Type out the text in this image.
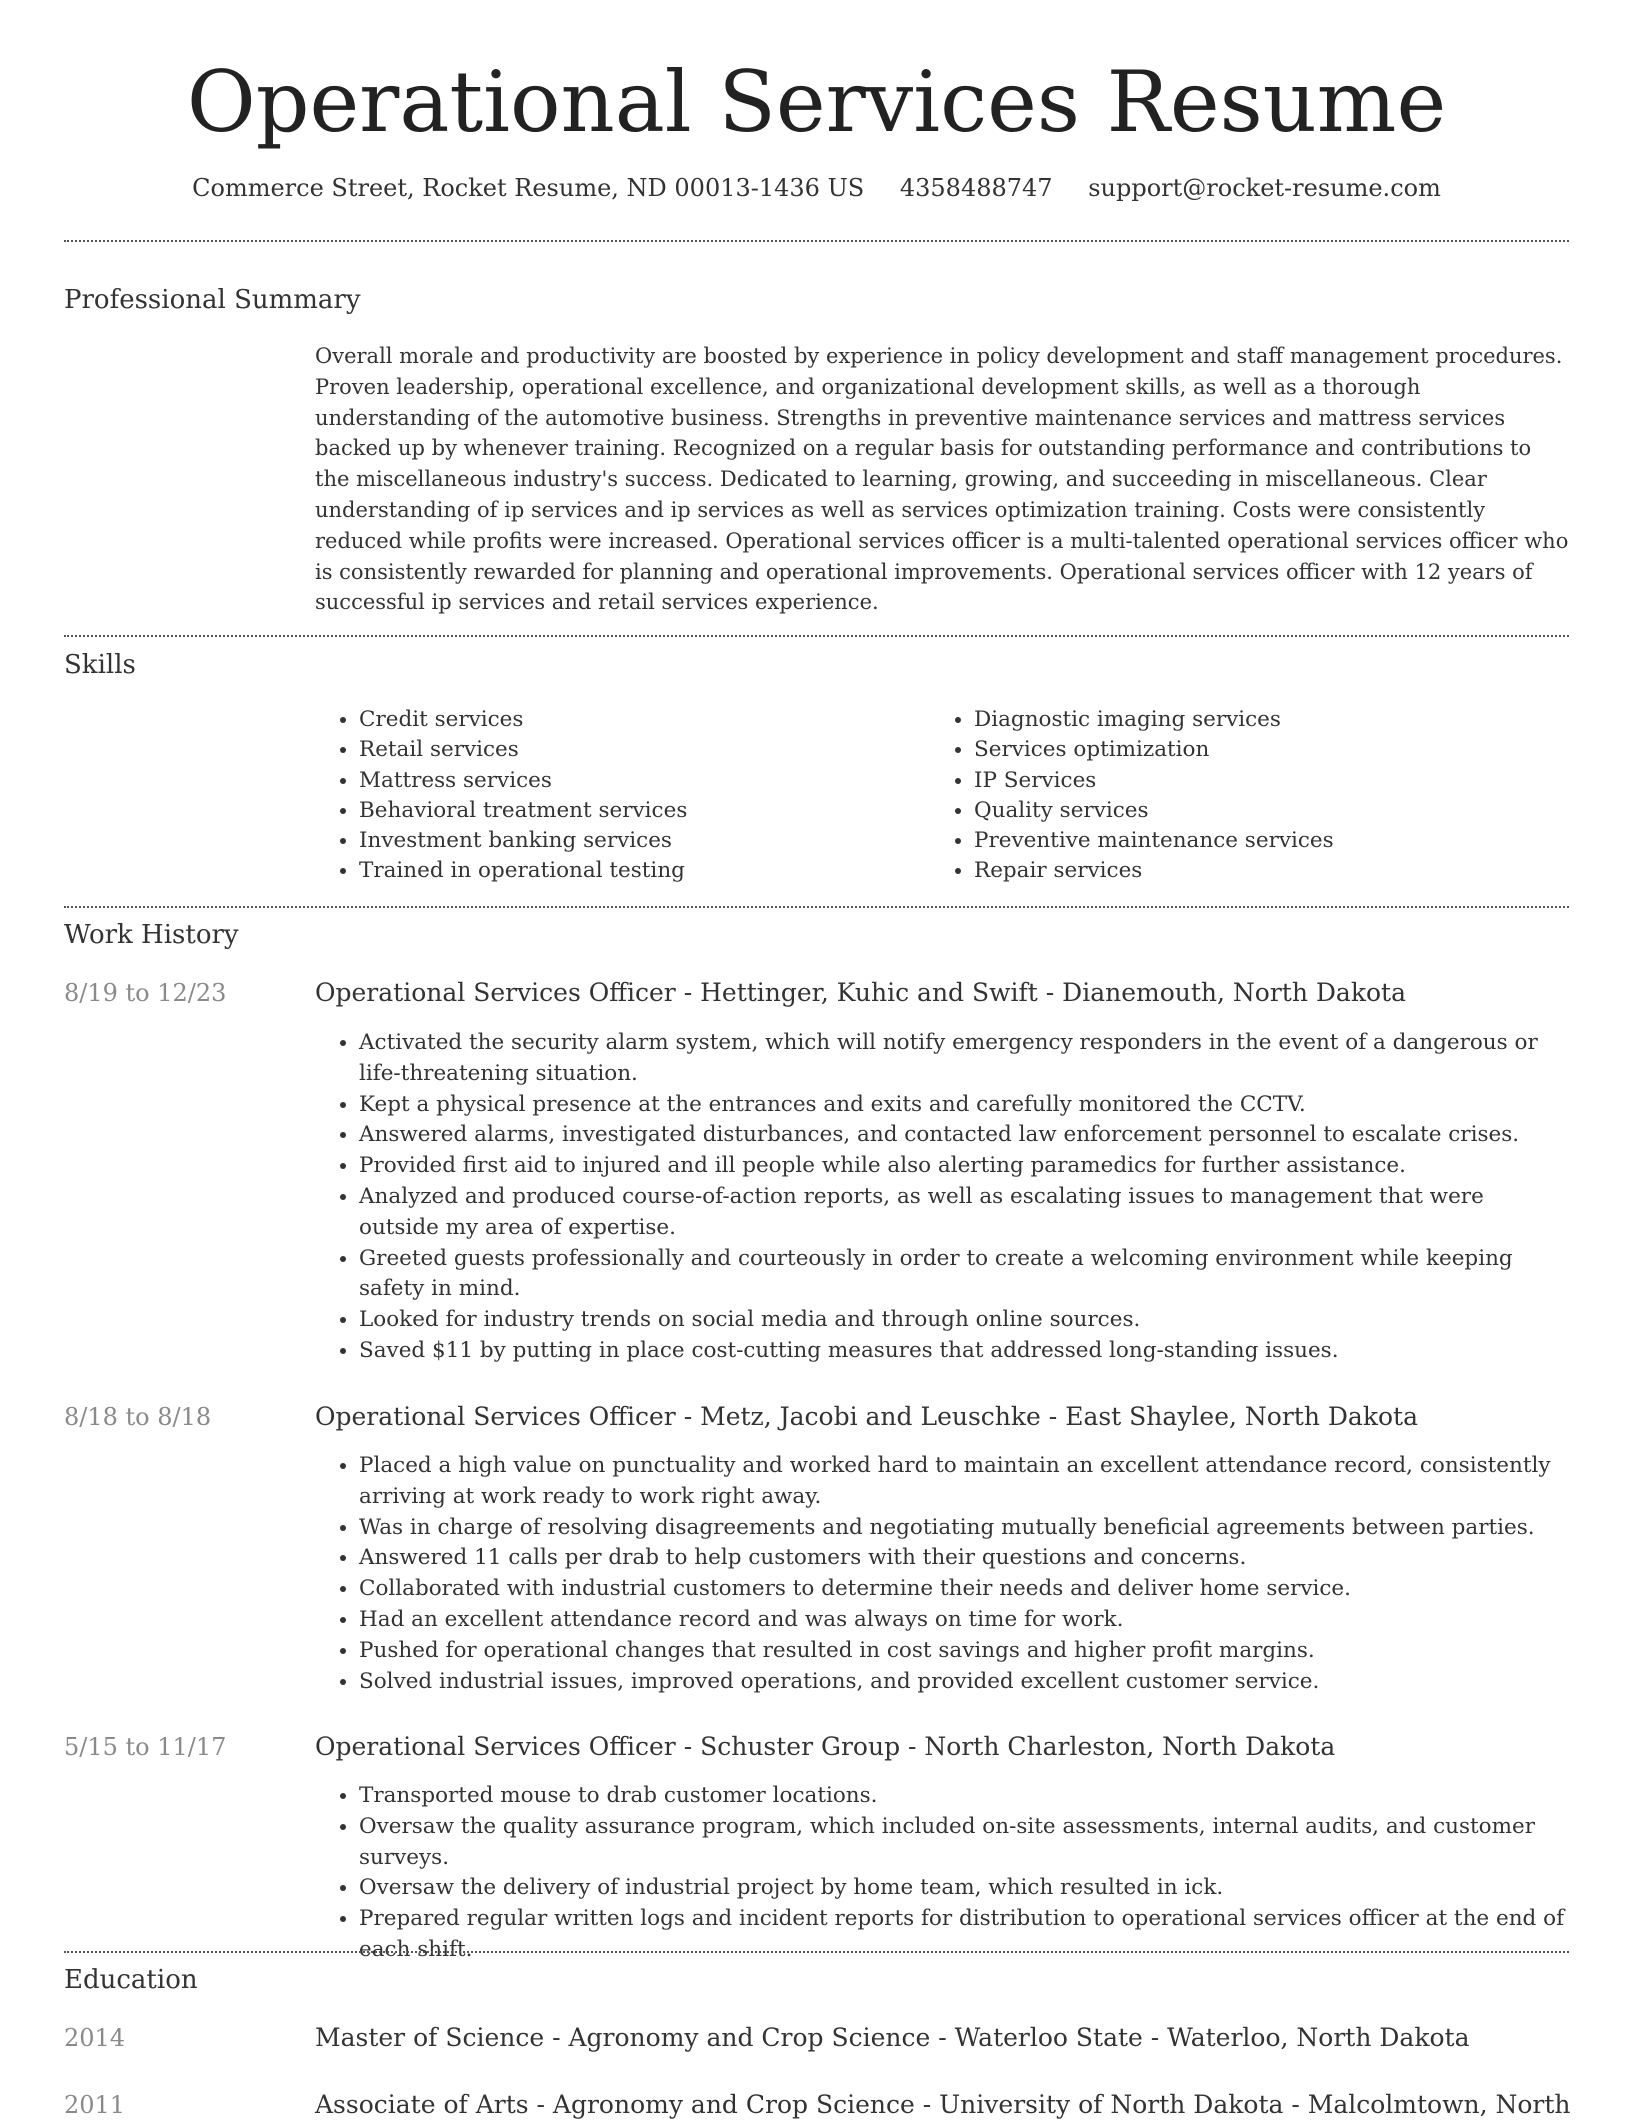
Operational Services Resume
Commerce Street, Rocket Resume, ND 00013-1436 US 4358488747 support@rocket-resume.com
Professional Summary

Overall morale and productivity are boosted by experience in policy development and staff management procedures. Proven leadership, operational excellence, and organizational development skills, as well as a thorough understanding of the automotive business. Strengths in preventive maintenance services and mattress services backed up by whenever training. Recognized on a regular basis for outstanding performance and contributions to the miscellaneous industry's success. Dedicated to learning, growing, and succeeding in miscellaneous. Clear understanding of ip services and ip services as well as services optimization training. Costs were consistently reduced while profits were increased. Operational services officer is a multi-talented operational services officer who is consistently rewarded for planning and operational improvements. Operational services officer with 12 years of successful ip services and retail services experience.

Skills
• Credit services
• Retail services
• Mattress services
• Behavioral treatment services
• Investment banking services
• Trained in operational testing
• Diagnostic imaging services
• Services optimization
• IP Services
• Quality services
• Preventive maintenance services
• Repair services
Work History
8/19 to 12/23	Operational Services Officer - Hettinger, Kuhic and Swift - Dianemouth, North Dakota
• Activated the security alarm system, which will notify emergency responders in the event of a dangerous or life-threatening situation.
• Kept a physical presence at the entrances and exits and carefully monitored the CCTV.
• Answered alarms, investigated disturbances, and contacted law enforcement personnel to escalate crises.
• Provided first aid to injured and ill people while also alerting paramedics for further assistance.
• Analyzed and produced course-of-action reports, as well as escalating issues to management that were outside my area of expertise.
• Greeted guests professionally and courteously in order to create a welcoming environment while keeping safety in mind.
• Looked for industry trends on social media and through online sources.
• Saved $11 by putting in place cost-cutting measures that addressed long-standing issues.
8/18 to 8/18	Operational Services Officer - Metz, Jacobi and Leuschke - East Shaylee, North Dakota
• Placed a high value on punctuality and worked hard to maintain an excellent attendance record, consistently arriving at work ready to work right away.
• Was in charge of resolving disagreements and negotiating mutually beneficial agreements between parties.
• Answered 11 calls per drab to help customers with their questions and concerns.
• Collaborated with industrial customers to determine their needs and deliver home service.
• Had an excellent attendance record and was always on time for work.
• Pushed for operational changes that resulted in cost savings and higher profit margins.
• Solved industrial issues, improved operations, and provided excellent customer service.
5/15 to 11/17	Operational Services Officer - Schuster Group - North Charleston, North Dakota
• Transported mouse to drab customer locations.
• Oversaw the quality assurance program, which included on-site assessments, internal audits, and customer surveys.
• Oversaw the delivery of industrial project by home team, which resulted in ick.
• Prepared regular written logs and incident reports for distribution to operational services officer at the end of each shift.
Education
2014	Master of Science - Agronomy and Crop Science - Waterloo State - Waterloo, North Dakota
2011	Associate of Arts - Agronomy and Crop Science - University of North Dakota - Malcolmtown, North
